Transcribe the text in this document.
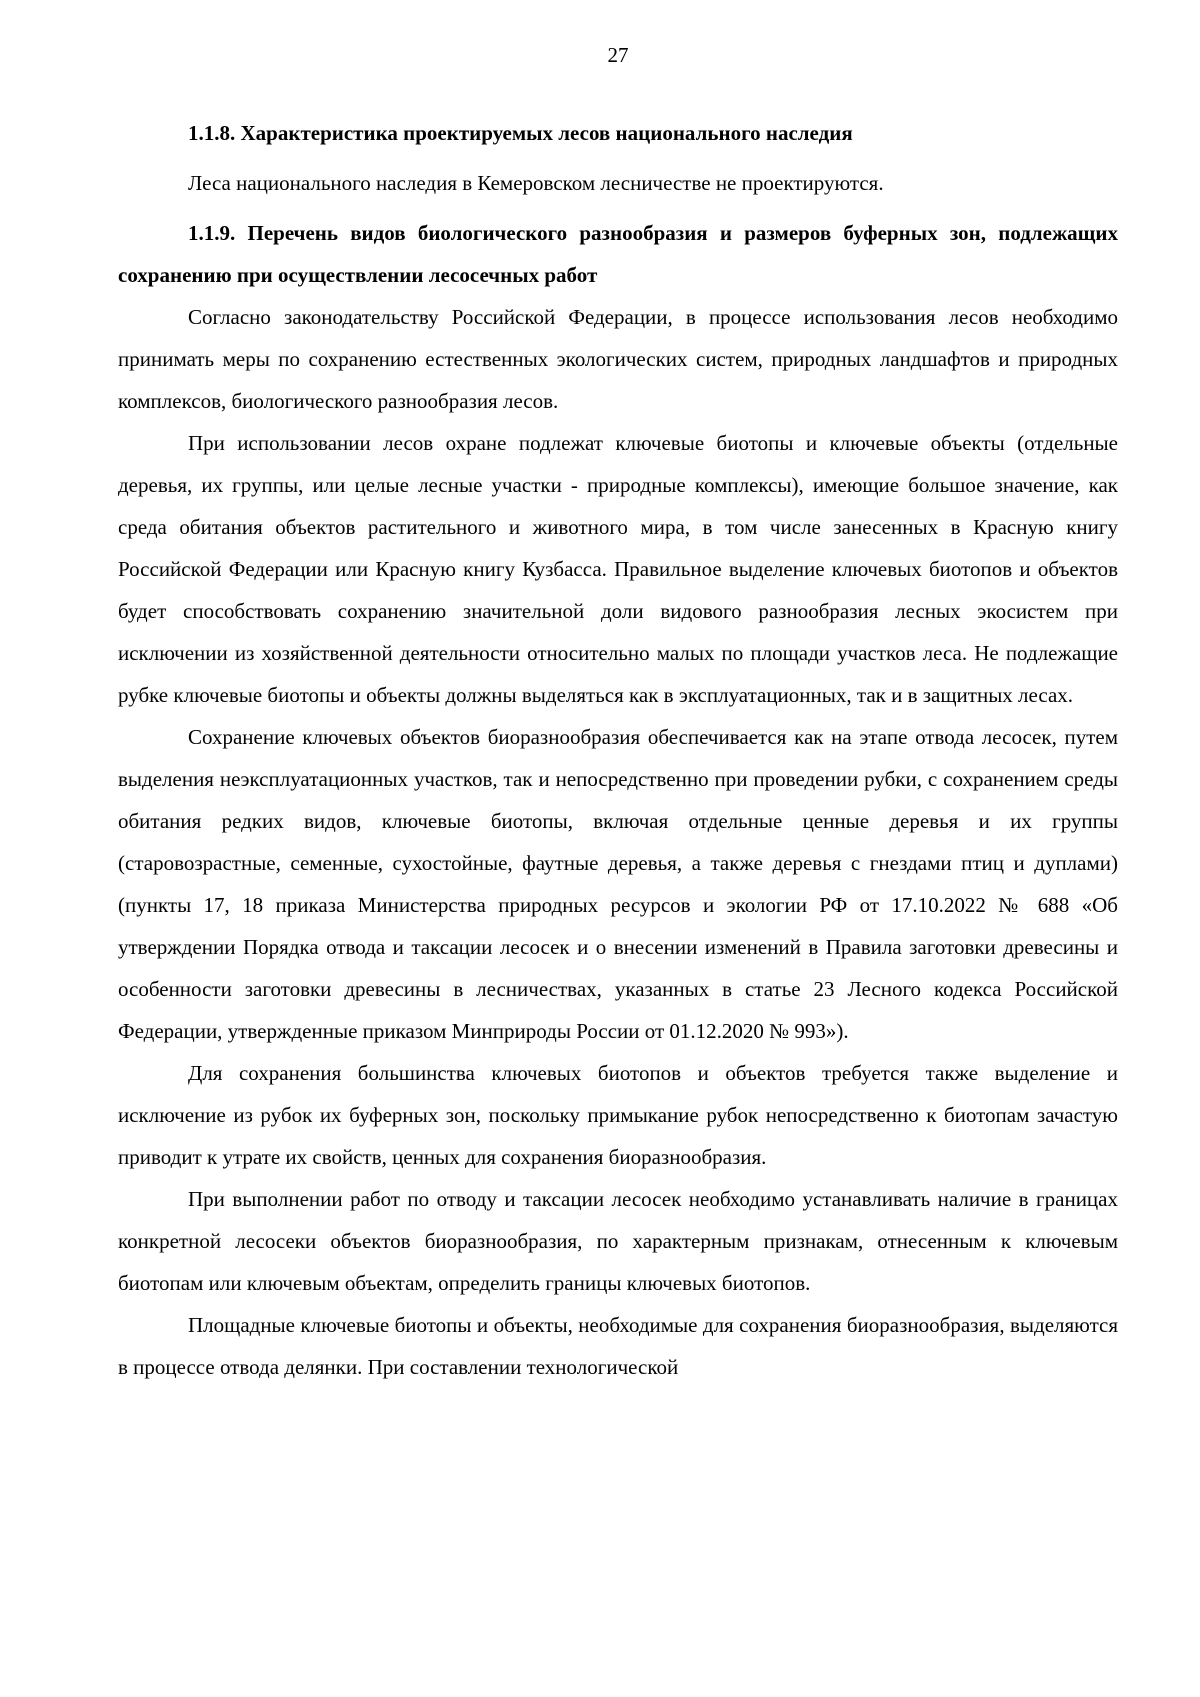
27

1.1.8. Характеристика проектируемых лесов национального наследия

Леса национального наследия в Кемеровском лесничестве не проектируются.

1.1.9. Перечень видов биологического разнообразия и размеров буферных зон, подлежащих сохранению при осуществлении лесосечных работ

Согласно законодательству Российской Федерации, в процессе использования лесов необходимо принимать меры по сохранению естественных экологических систем, природных ландшафтов и природных комплексов, биологического разнообразия лесов.

При использовании лесов охране подлежат ключевые биотопы и ключевые объекты (отдельные деревья, их группы, или целые лесные участки - природные комплексы), имеющие большое значение, как среда обитания объектов растительного и животного мира, в том числе занесенных в Красную книгу Российской Федерации или Красную книгу Кузбасса. Правильное выделение ключевых биотопов и объектов будет способствовать сохранению значительной доли видового разнообразия лесных экосистем при исключении из хозяйственной деятельности относительно малых по площади участков леса. Не подлежащие рубке ключевые биотопы и объекты должны выделяться как в эксплуатационных, так и в защитных лесах.

Сохранение ключевых объектов биоразнообразия обеспечивается как на этапе отвода лесосек, путем выделения неэксплуатационных участков, так и непосредственно при проведении рубки, с сохранением среды обитания редких видов, ключевые биотопы, включая отдельные ценные деревья и их группы (старовозрастные, семенные, сухостойные, фаутные деревья, а также деревья с гнездами птиц и дуплами) (пункты 17, 18 приказа Министерства природных ресурсов и экологии РФ от 17.10.2022 № 688 «Об утверждении Порядка отвода и таксации лесосек и о внесении изменений в Правила заготовки древесины и особенности заготовки древесины в лесничествах, указанных в статье 23 Лесного кодекса Российской Федерации, утвержденные приказом Минприроды России от 01.12.2020 № 993»).

Для сохранения большинства ключевых биотопов и объектов требуется также выделение и исключение из рубок их буферных зон, поскольку примыкание рубок непосредственно к биотопам зачастую приводит к утрате их свойств, ценных для сохранения биоразнообразия.

При выполнении работ по отводу и таксации лесосек необходимо устанавливать наличие в границах конкретной лесосеки объектов биоразнообразия, по характерным признакам, отнесенным к ключевым биотопам или ключевым объектам, определить границы ключевых биотопов.

Площадные ключевые биотопы и объекты, необходимые для сохранения биоразнообразия, выделяются в процессе отвода делянки. При составлении технологической
